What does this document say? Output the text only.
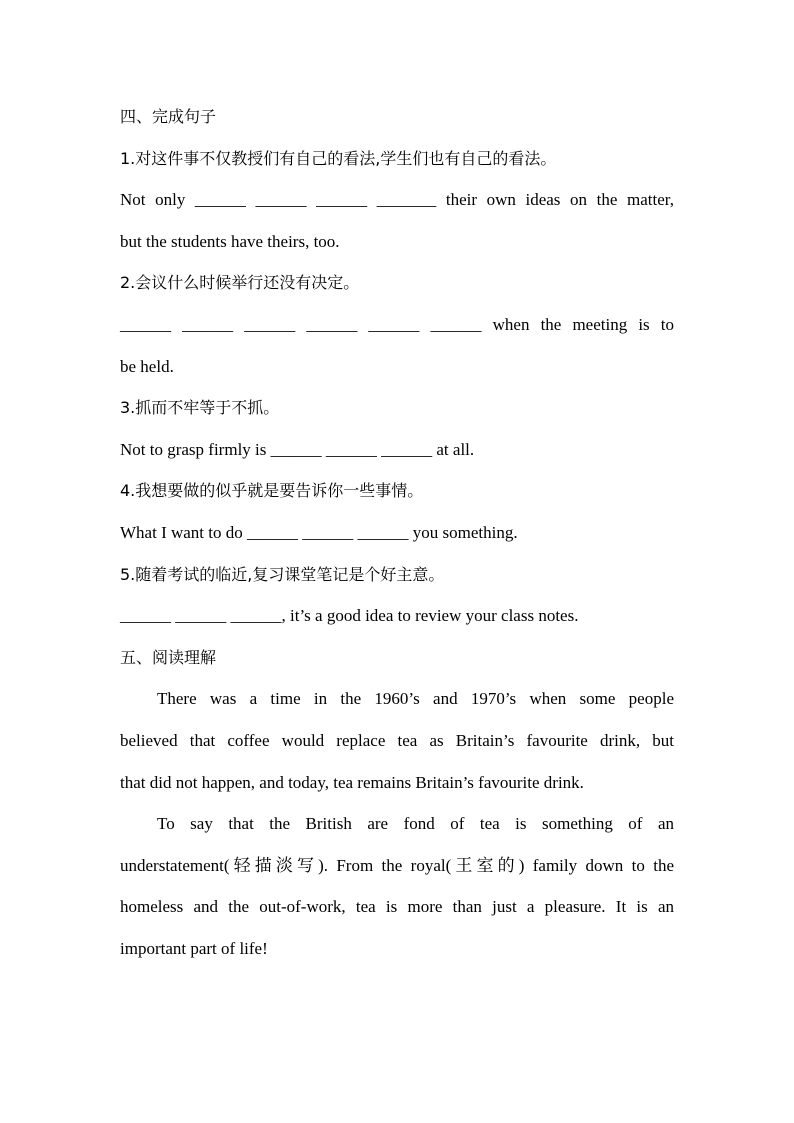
四、完成句子
1.对这件事不仅教授们有自己的看法,学生们也有自己的看法。
Not only ______ ______ ______ _______ their own ideas on the matter,
but the students have theirs, too.
2.会议什么时候举行还没有决定。
______ ______ ______ ______ ______ ______ when the meeting is to
be held.
3.抓而不牢等于不抓。
Not to grasp firmly is ______ ______ ______ at all.
4.我想要做的似乎就是要告诉你一些事情。
What I want to do ______ ______ ______ you something.
5.随着考试的临近,复习课堂笔记是个好主意。
______ ______ ______, it’s a good idea to review your class notes.
五、阅读理解
There was a time in the 1960’s and 1970’s when some people
believed that coffee would replace tea as Britain’s favourite drink, but
that did not happen, and today, tea remains Britain’s favourite drink.
To say that the British are fond of tea is something of an
understatement(轻描淡写). From the royal(王室的) family down to the
homeless and the out-of-work, tea is more than just a pleasure. It is an
important part of life!
